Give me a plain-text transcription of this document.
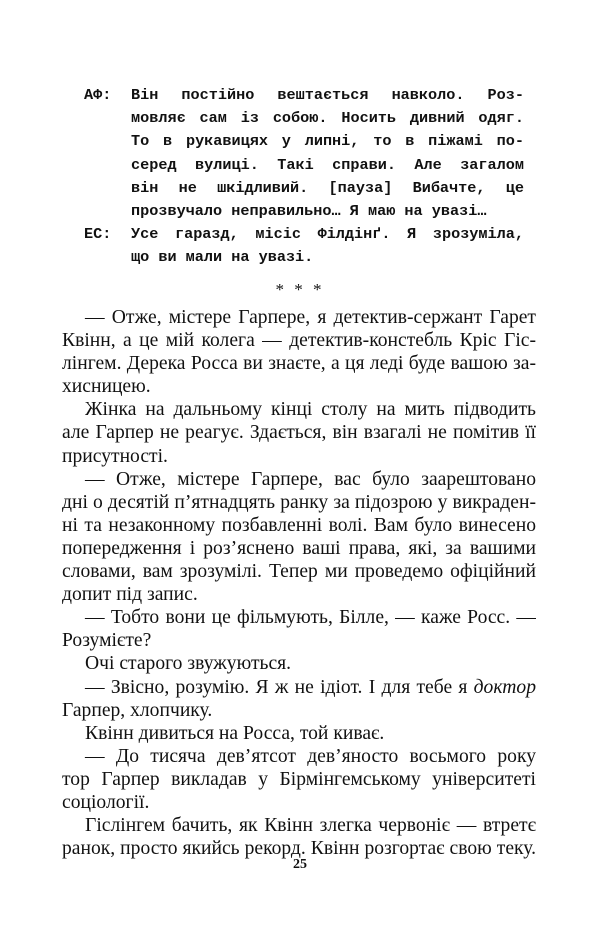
АФ:	Він постійно вештається навколо. Роз-
мовляє сам із собою. Носить дивний одяг.
То в рукавицях у липні, то в піжамі по-
серед вулиці. Такі справи. Але загалом
він не шкідливий. [пауза] Вибачте, це
прозвучало неправильно… Я маю на увазі…
ЕС:	Усе гаразд, місіс Філдінґ. Я зрозуміла,
що ви мали на увазі.
* * *
— Отже, містере Гарпере, я детектив-сержант Гарет
Квінн, а це мій колега — детектив-констебль Кріс Гіс-
лінгем. Дерека Росса ви знаєте, а ця леді буде вашою за-
хисницею.
Жінка на дальньому кінці столу на мить підводить
але Гарпер не реагує. Здається, він взагалі не помітив її
присутності.
— Отже, містере Гарпере, вас було заарештовано
дні о десятій п’ятнадцять ранку за підозрою у викраден-
ні та незаконному позбавленні волі. Вам було винесено
попередження і роз’яснено ваші права, які, за вашими
словами, вам зрозумілі. Тепер ми проведемо офіційний
допит під запис.
— Тобто вони це фільмують, Білле, — каже Росс. —
Розумієте?
Очі старого звужуються.
— Звісно, розумію. Я ж не ідіот. І для тебе я доктор
Гарпер, хлопчику.
Квінн дивиться на Росса, той киває.
— До тисяча дев’ятсот дев’яносто восьмого року
тор Гарпер викладав у Бірмінгемському університеті
соціології.
Гіслінгем бачить, як Квінн злегка червоніє — втретє
ранок, просто якийсь рекорд. Квінн розгортає свою теку.
25
